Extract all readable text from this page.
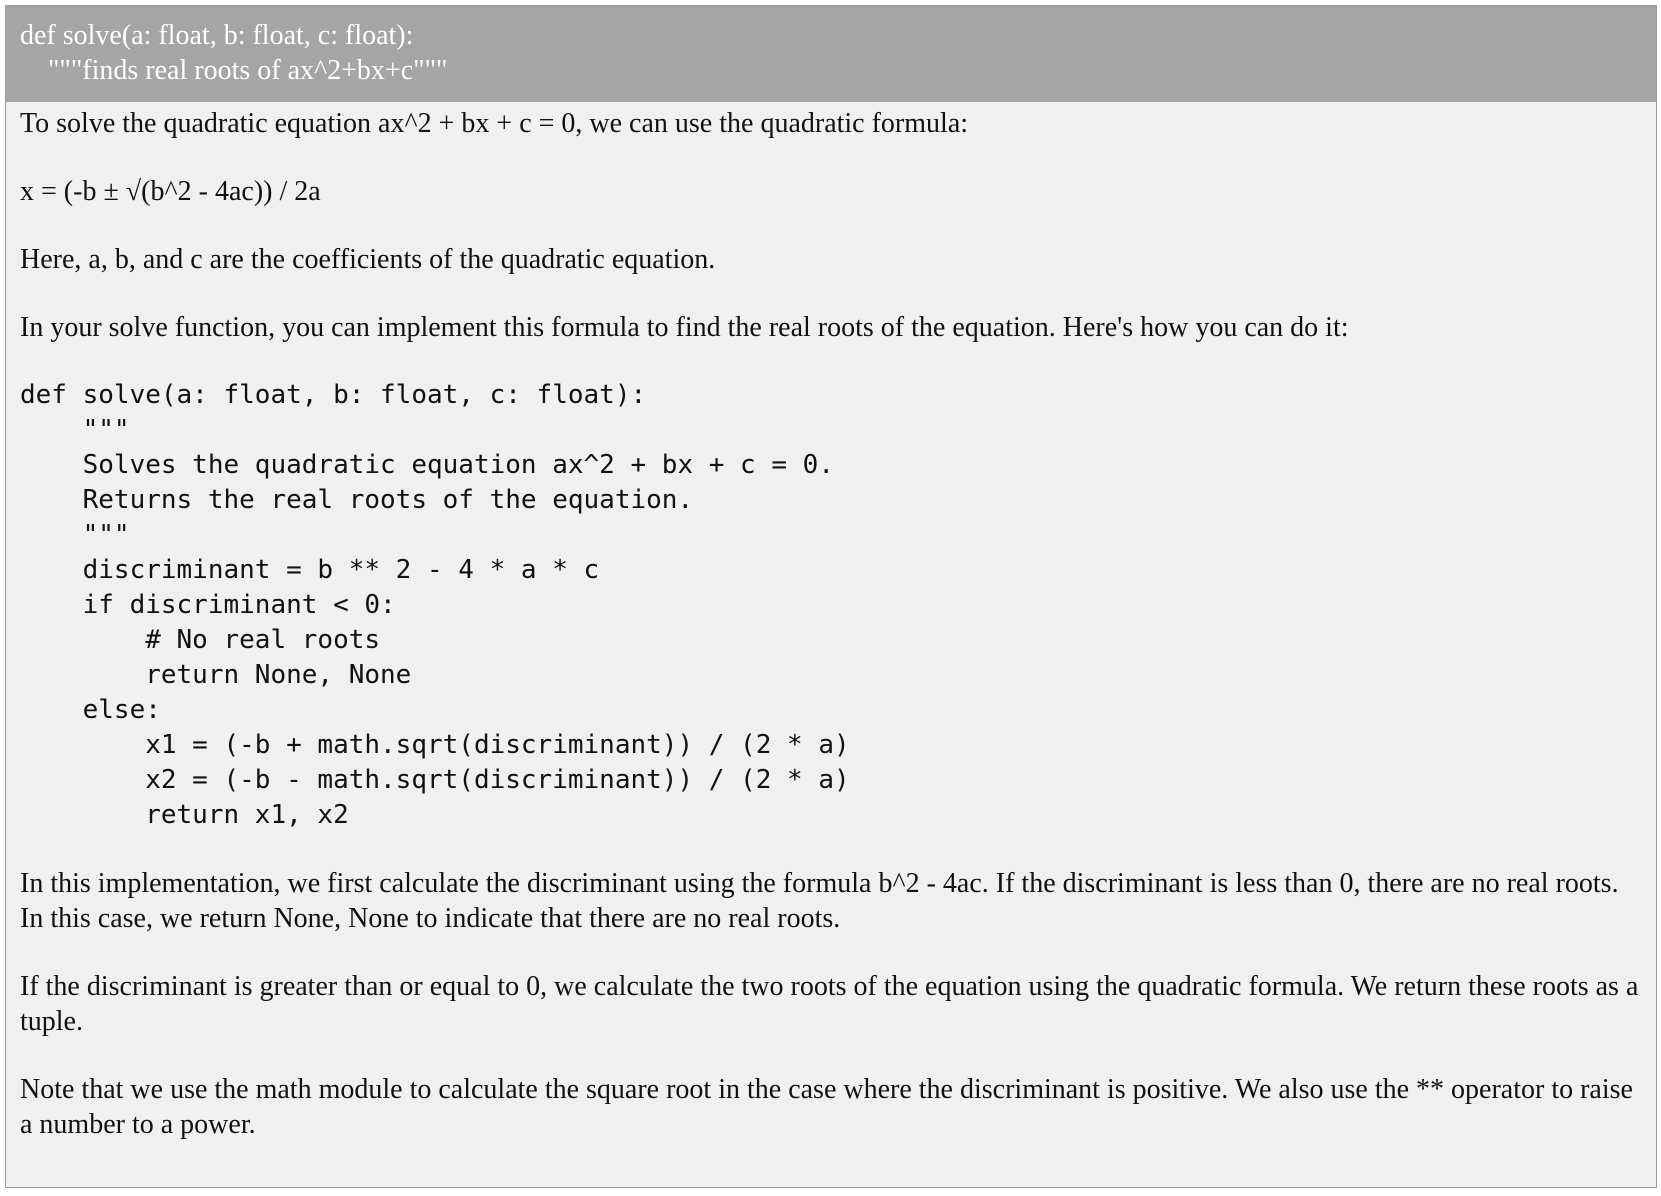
def solve(a: float, b: float, c: float):
"""finds real roots of ax^2+bx+c"""

To solve the quadratic equation ax^2 + bx + c = 0, we can use the quadratic formula:

x = (-b ± √(b^2 - 4ac)) / 2a

Here, a, b, and c are the coefficients of the quadratic equation.

In your solve function, you can implement this formula to find the real roots of the equation. Here's how you can do it:

def solve(a: float, b: float, c: float):
"""
Solves the quadratic equation ax^2 + bx + c = 0.
Returns the real roots of the equation.
"""
discriminant = b ** 2 - 4 * a * c
if discriminant < 0:
# No real roots
return None, None
else:
x1 = (-b + math.sqrt(discriminant)) / (2 * a)
x2 = (-b - math.sqrt(discriminant)) / (2 * a)
return x1, x2

In this implementation, we first calculate the discriminant using the formula b^2 - 4ac. If the discriminant is less than 0, there are no real roots. In this case, we return None, None to indicate that there are no real roots.

If the discriminant is greater than or equal to 0, we calculate the two roots of the equation using the quadratic formula. We return these roots as a tuple.

Note that we use the math module to calculate the square root in the case where the discriminant is positive. We also use the ** operator to raise a number to a power.
